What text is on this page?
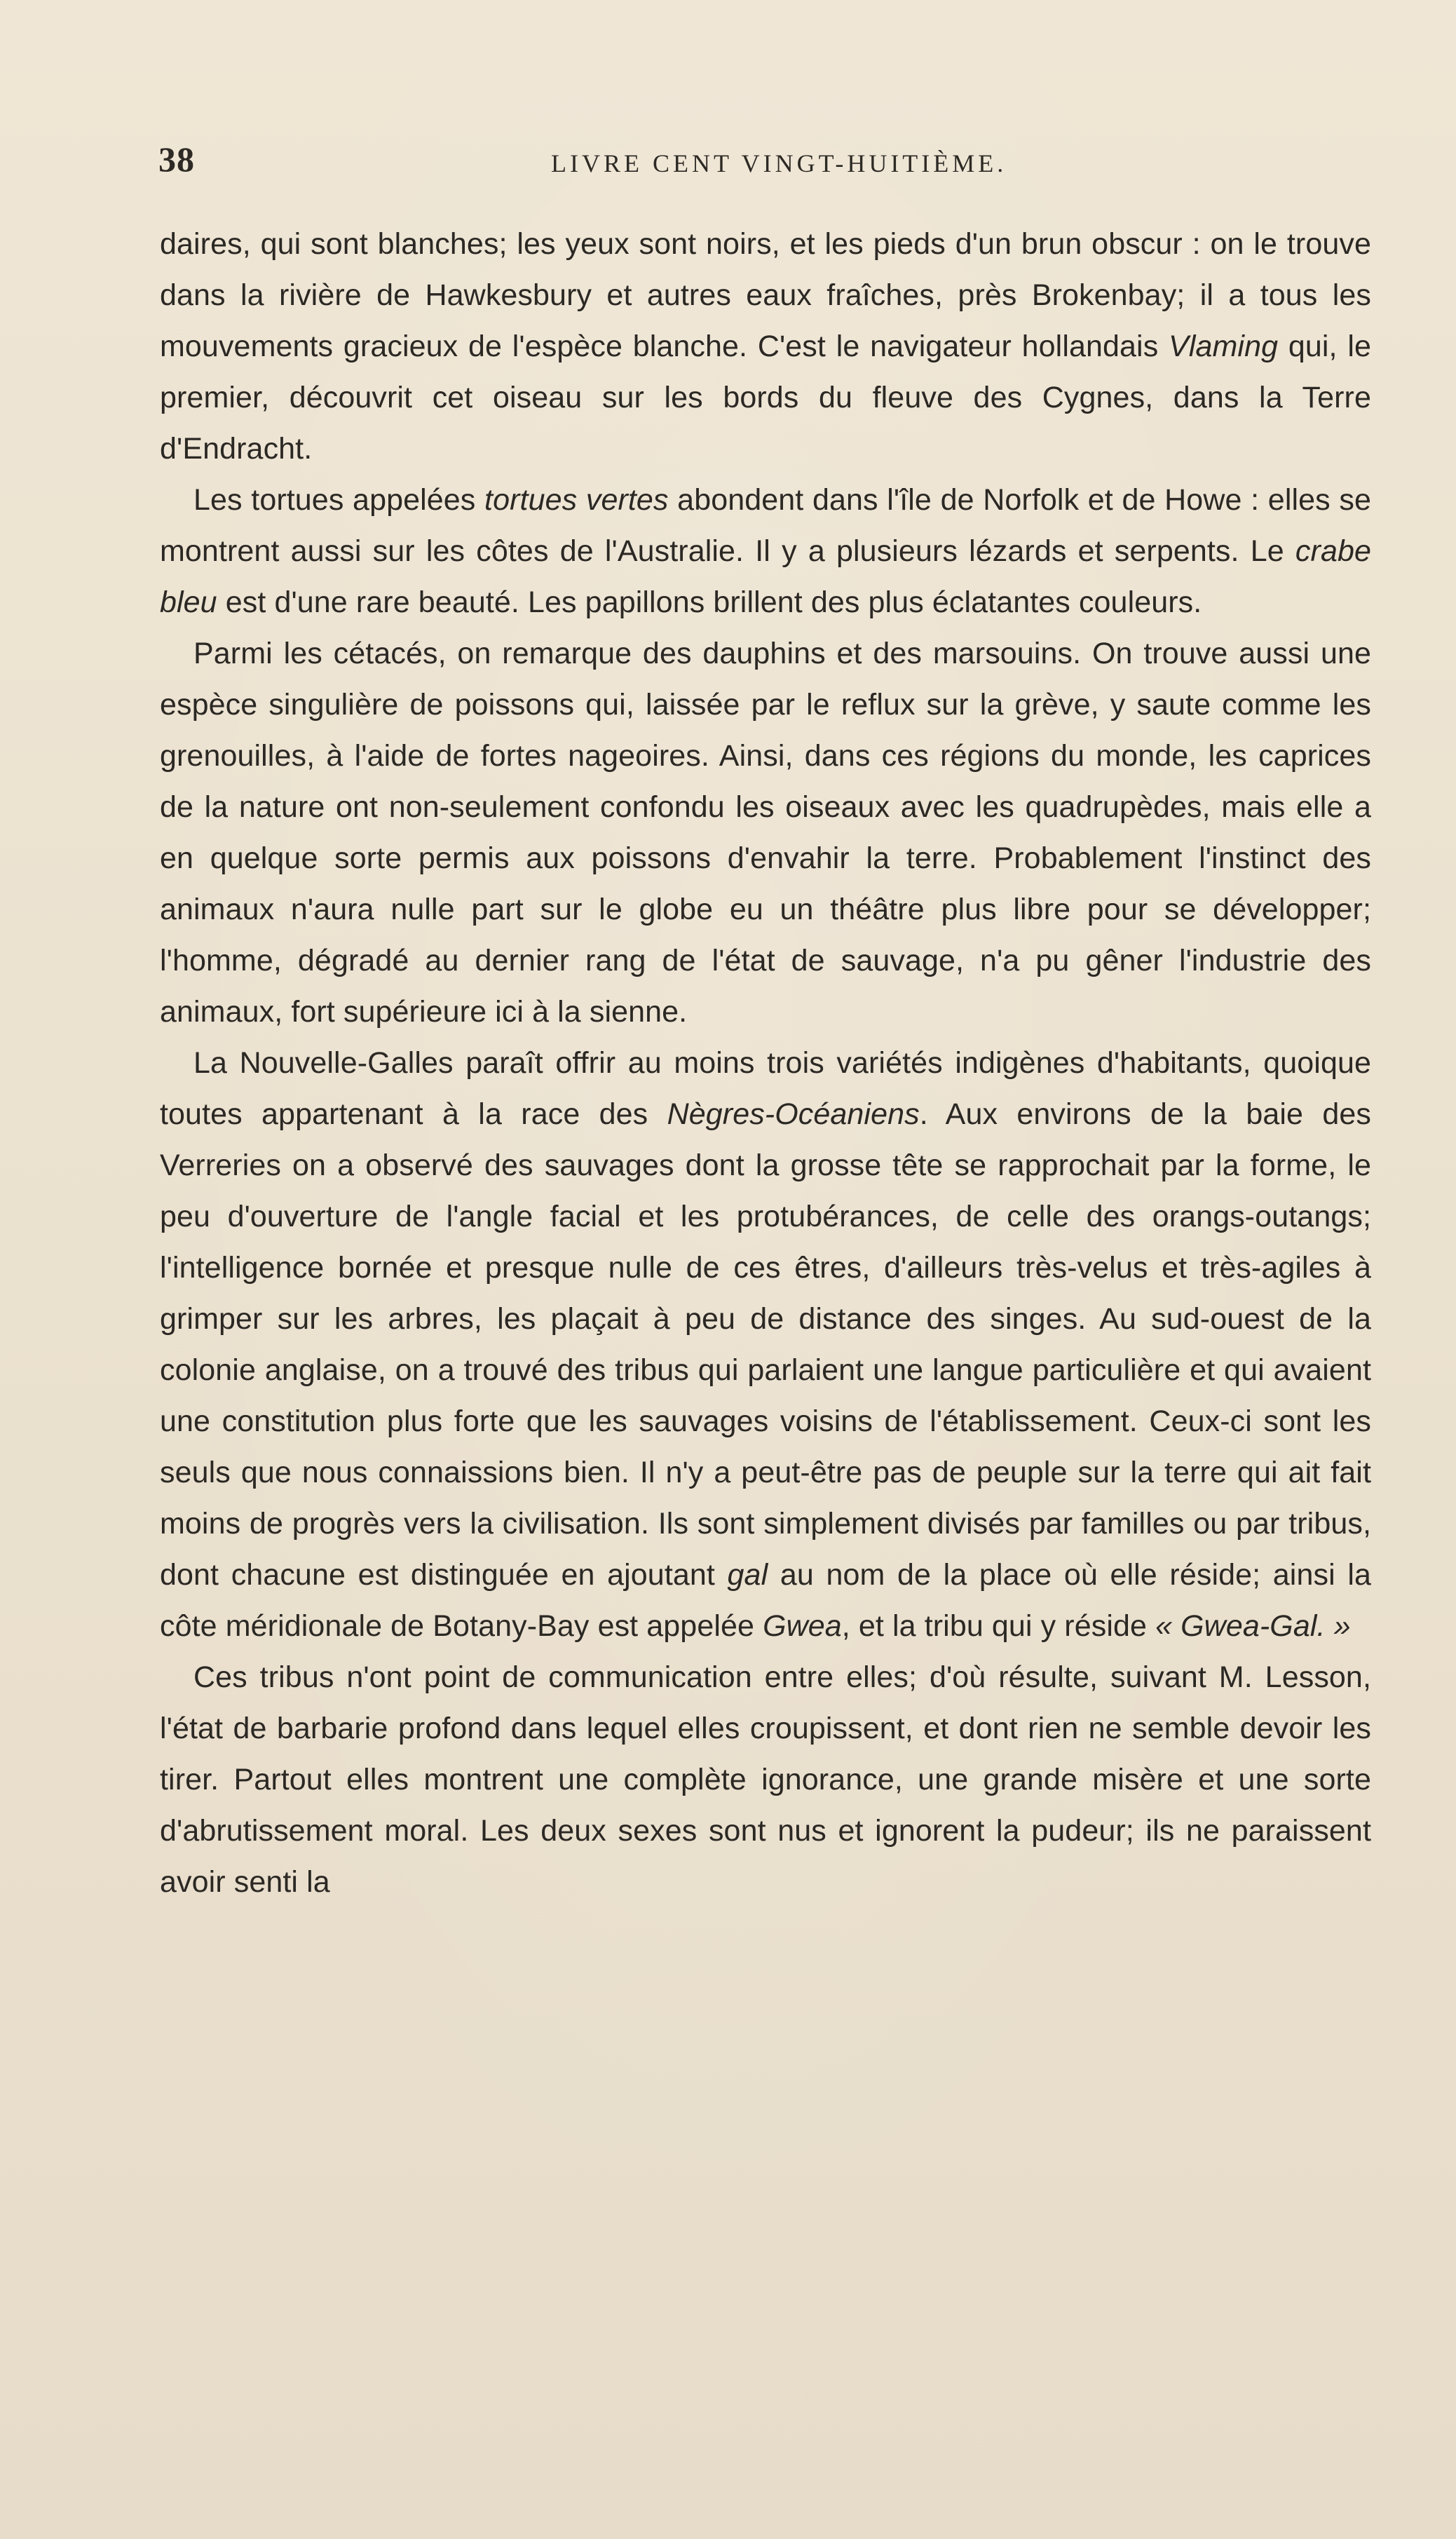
38	LIVRE CENT VINGT-HUITIÈME.

daires, qui sont blanches; les yeux sont noirs, et les pieds d'un brun obscur : on le trouve dans la rivière de Hawkesbury et autres eaux fraîches, près Brokenbay; il a tous les mouvements gracieux de l'espèce blanche. C'est le navigateur hollandais Vlaming qui, le premier, découvrit cet oiseau sur les bords du fleuve des Cygnes, dans la Terre d'Endracht.

Les tortues appelées tortues vertes abondent dans l'île de Norfolk et de Howe : elles se montrent aussi sur les côtes de l'Australie. Il y a plusieurs lézards et serpents. Le crabe bleu est d'une rare beauté. Les papillons brillent des plus éclatantes couleurs.

Parmi les cétacés, on remarque des dauphins et des marsouins. On trouve aussi une espèce singulière de poissons qui, laissée par le reflux sur la grève, y saute comme les grenouilles, à l'aide de fortes nageoires. Ainsi, dans ces régions du monde, les caprices de la nature ont non-seulement confondu les oiseaux avec les quadrupèdes, mais elle a en quelque sorte permis aux poissons d'envahir la terre. Probablement l'instinct des animaux n'aura nulle part sur le globe eu un théâtre plus libre pour se développer; l'homme, dégradé au dernier rang de l'état de sauvage, n'a pu gêner l'industrie des animaux, fort supérieure ici à la sienne.

La Nouvelle-Galles paraît offrir au moins trois variétés indigènes d'habitants, quoique toutes appartenant à la race des Nègres-Océaniens. Aux environs de la baie des Verreries on a observé des sauvages dont la grosse tête se rapprochait par la forme, le peu d'ouverture de l'angle facial et les protubérances, de celle des orangs-outangs; l'intelligence bornée et presque nulle de ces êtres, d'ailleurs très-velus et très-agiles à grimper sur les arbres, les plaçait à peu de distance des singes. Au sud-ouest de la colonie anglaise, on a trouvé des tribus qui parlaient une langue particulière et qui avaient une constitution plus forte que les sauvages voisins de l'établissement. Ceux-ci sont les seuls que nous connaissions bien. Il n'y a peut-être pas de peuple sur la terre qui ait fait moins de progrès vers la civilisation. Ils sont simplement divisés par familles ou par tribus, dont chacune est distinguée en ajoutant gal au nom de la place où elle réside; ainsi la côte méridionale de Botany-Bay est appelée Gwea, et la tribu qui y réside « Gwea-Gal. »

Ces tribus n'ont point de communication entre elles; d'où résulte, suivant M. Lesson, l'état de barbarie profond dans lequel elles croupissent, et dont rien ne semble devoir les tirer. Partout elles montrent une complète ignorance, une grande misère et une sorte d'abrutissement moral. Les deux sexes sont nus et ignorent la pudeur; ils ne paraissent avoir senti la
